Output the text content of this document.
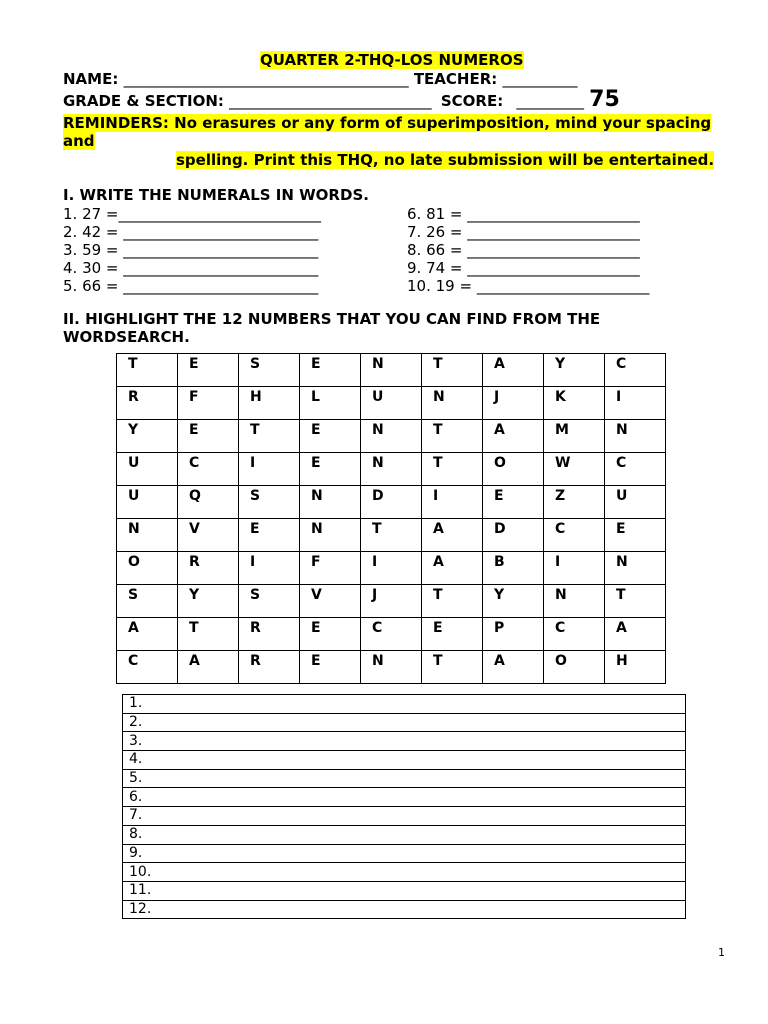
QUARTER 2-THQ-LOS NUMEROS
NAME: ______________________________________ TEACHER: __________
GRADE & SECTION: ___________________________ SCORE: _________ 75
REMINDERS: No erasures or any form of superimposition, mind your spacing and
spelling. Print this THQ, no late submission will be entertained.
I. WRITE THE NUMERALS IN WORDS.
1. 27 =___________________________
2. 42 = __________________________
3. 59 = __________________________
4. 30 = __________________________
5. 66 = __________________________
6. 81 = _______________________
7. 26 = _______________________
8. 66 = _______________________
9. 74 = _______________________
10. 19 = _______________________
II. HIGHLIGHT THE 12 NUMBERS THAT YOU CAN FIND FROM THE
WORDSEARCH.
T	E	S	E	N	T	A	Y	C
R	F	H	L	U	N	J	K	I
Y	E	T	E	N	T	A	M	N
U	C	I	E	N	T	O	W	C
U	Q	S	N	D	I	E	Z	U
N	V	E	N	T	A	D	C	E
O	R	I	F	I	A	B	I	N
S	Y	S	V	J	T	Y	N	T
A	T	R	E	C	E	P	C	A
C	A	R	E	N	T	A	O	H
1.
2.
3.
4.
5.
6.
7.
8.
9.
10.
11.
12.
1
